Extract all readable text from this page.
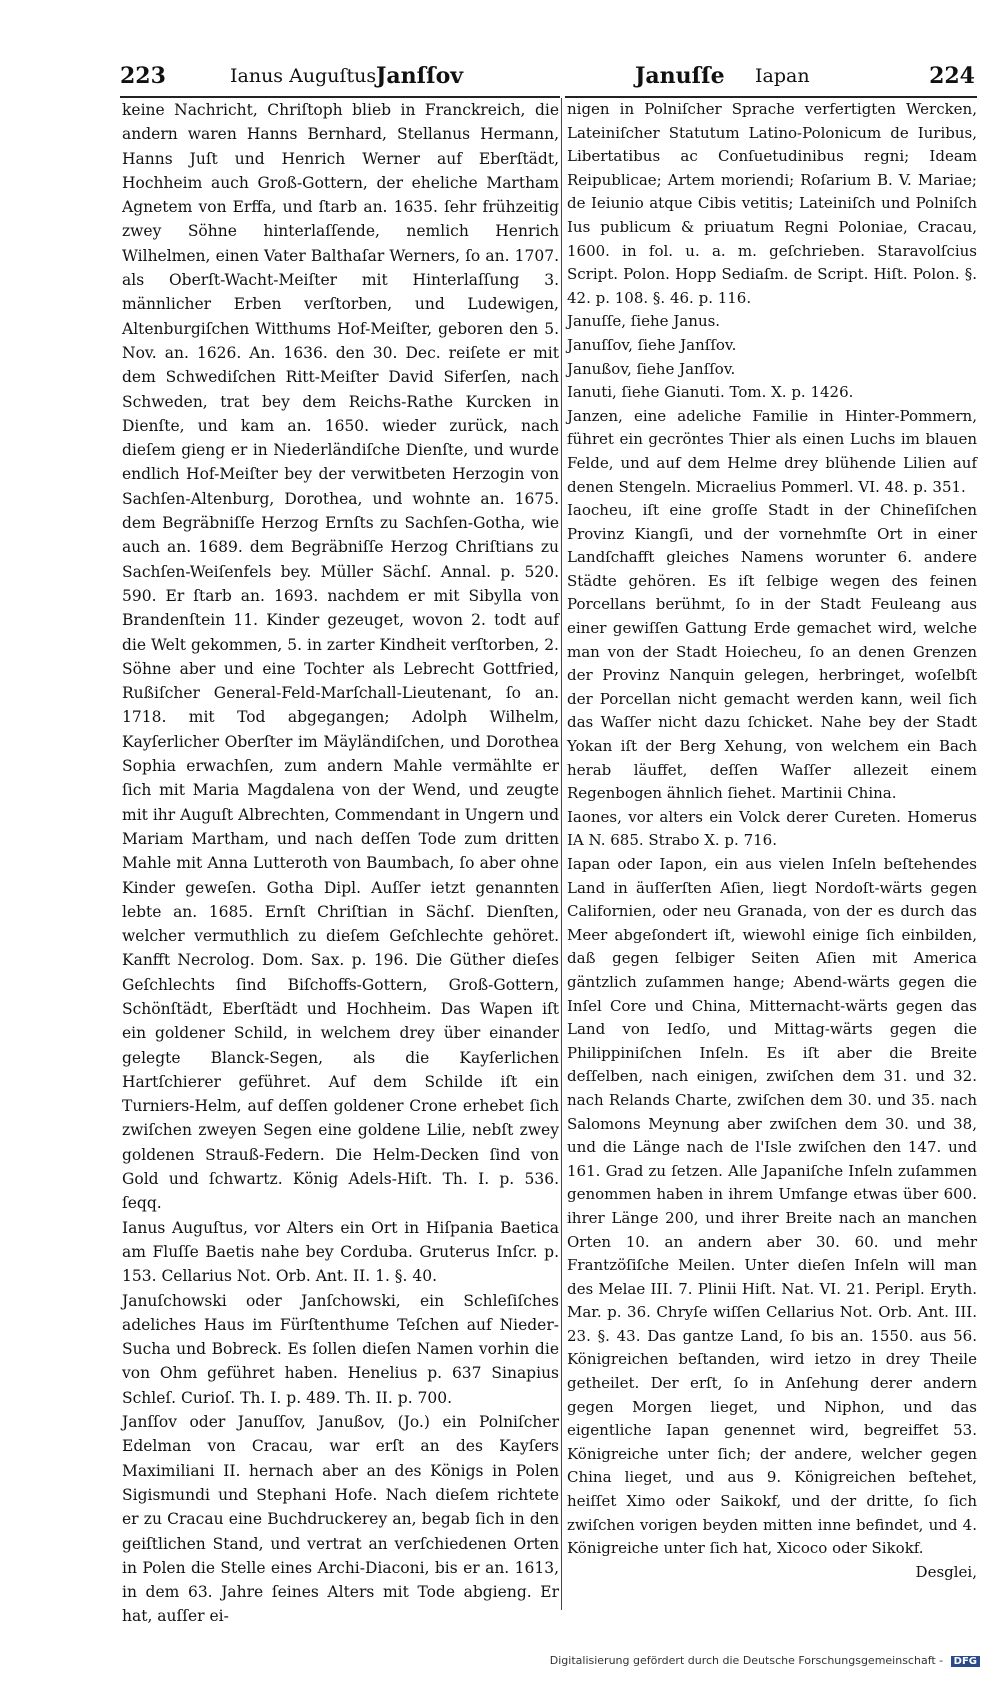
223	Ianus Auguſtus Janſſov	Januſſe Iapan	224

keine Nachricht, Chriſtoph blieb in Franckreich, die andern waren Hanns Bernhard, Stellanus Hermann, Hanns Juſt und Henrich Werner auf Eberſtädt, Hochheim auch Groß-Gottern, der eheliche Martham Agnetem von Erffa, und ſtarb an. 1635. ſehr frühzeitig zwey Söhne hinterlaſſende, nemlich Henrich Wilhelmen, einen Vater Balthaſar Werners, ſo an. 1707. als Oberſt-Wacht-Meiſter mit Hinterlaſſung 3. männlicher Erben verſtorben, und Ludewigen, Altenburgiſchen Witthums Hof-Meiſter, geboren den 5. Nov. an. 1626. An. 1636. den 30. Dec. reiſete er mit dem Schwediſchen Ritt-Meiſter David Siferſen, nach Schweden, trat bey dem Reichs-Rathe Kurcken in Dienſte, und kam an. 1650. wieder zurück, nach dieſem gieng er in Niederländiſche Dienſte, und wurde endlich Hof-Meiſter bey der verwitbeten Herzogin von Sachſen-Altenburg, Dorothea, und wohnte an. 1675. dem Begräbniſſe Herzog Ernſts zu Sachſen-Gotha, wie auch an. 1689. dem Begräbniſſe Herzog Chriſtians zu Sachſen-Weiſenfels bey. Müller Sächſ. Annal. p. 520. 590. Er ſtarb an. 1693. nachdem er mit Sibylla von Brandenſtein 11. Kinder gezeuget, wovon 2. todt auf die Welt gekommen, 5. in zarter Kindheit verſtorben, 2. Söhne aber und eine Tochter als Lebrecht Gottfried, Rußiſcher General-Feld-Marſchall-Lieutenant, ſo an. 1718. mit Tod abgegangen; Adolph Wilhelm, Kayſerlicher Oberſter im Mäyländiſchen, und Dorothea Sophia erwachſen, zum andern Mahle vermählte er ſich mit Maria Magdalena von der Wend, und zeugte mit ihr Auguſt Albrechten, Commendant in Ungern und Mariam Martham, und nach deſſen Tode zum dritten Mahle mit Anna Lutteroth von Baumbach, ſo aber ohne Kinder geweſen. Gotha Dipl. Auſſer ietzt genannten lebte an. 1685. Ernſt Chriſtian in Sächſ. Dienſten, welcher vermuthlich zu dieſem Geſchlechte gehöret. Kanfft Necrolog. Dom. Sax. p. 196. Die Güther dieſes Geſchlechts ſind Biſchoffs-Gottern, Groß-Gottern, Schönſtädt, Eberſtädt und Hochheim. Das Wapen iſt ein goldener Schild, in welchem drey über einander gelegte Blanck-Segen, als die Kayſerlichen Hartſchierer geführet. Auf dem Schilde iſt ein Turniers-Helm, auf deſſen goldener Crone erhebet ſich zwiſchen zweyen Segen eine goldene Lilie, nebſt zwey goldenen Strauß-Federn. Die Helm-Decken ſind von Gold und ſchwartz. König Adels-Hiſt. Th. I. p. 536. ſeqq.

Ianus Auguſtus, vor Alters ein Ort in Hiſpania Baetica am Fluſſe Baetis nahe bey Corduba. Gruterus Inſcr. p. 153. Cellarius Not. Orb. Ant. II. 1. §. 40.

Januſchowski oder Janſchowski, ein Schleſiſches adeliches Haus im Fürſtenthume Teſchen auf Nieder-Sucha und Bobreck. Es ſollen dieſen Namen vorhin die von Ohm geführet haben. Henelius p. 637 Sinapius Schleſ. Curioſ. Th. I. p. 489. Th. II. p. 700.

Janſſov oder Januſſov, Janußov, (Jo.) ein Polniſcher Edelman von Cracau, war erſt an des Kayſers Maximiliani II. hernach aber an des Königs in Polen Sigismundi und Stephani Hofe. Nach dieſem richtete er zu Cracau eine Buchdruckerey an, begab ſich in den geiſtlichen Stand, und vertrat an verſchiedenen Orten in Polen die Stelle eines Archi-Diaconi, bis er an. 1613, in dem 63. Jahre ſeines Alters mit Tode abgieng. Er hat, auſſer ei-

nigen in Polniſcher Sprache verfertigten Wercken, Lateiniſcher Statutum Latino-Polonicum de Iuribus, Libertatibus ac Conſuetudinibus regni; Ideam Reipublicae; Artem moriendi; Roſarium B. V. Mariae; de Ieiunio atque Cibis vetitis; Lateiniſch und Polniſch Ius publicum & priuatum Regni Poloniae, Cracau, 1600. in fol. u. a. m. geſchrieben. Staravolſcius Script. Polon. Hopp Sediaſm. de Script. Hiſt. Polon. §. 42. p. 108. §. 46. p. 116.

Januſſe, ſiehe Janus.

Januſſov, ſiehe Janſſov.

Janußov, ſiehe Janſſov.

Ianuti, ſiehe Gianuti. Tom. X. p. 1426.

Janzen, eine adeliche Familie in Hinter-Pommern, führet ein gecröntes Thier als einen Luchs im blauen Felde, und auf dem Helme drey blühende Lilien auf denen Stengeln. Micraelius Pommerl. VI. 48. p. 351.

Iaocheu, iſt eine groſſe Stadt in der Chineſiſchen Provinz Kiangſi, und der vornehmſte Ort in einer Landſchafft gleiches Namens worunter 6. andere Städte gehören. Es iſt ſelbige wegen des feinen Porcellans berühmt, ſo in der Stadt Feuleang aus einer gewiſſen Gattung Erde gemachet wird, welche man von der Stadt Hoiecheu, ſo an denen Grenzen der Provinz Nanquin gelegen, herbringet, woſelbſt der Porcellan nicht gemacht werden kann, weil ſich das Waſſer nicht dazu ſchicket. Nahe bey der Stadt Yokan iſt der Berg Xehung, von welchem ein Bach herab läuffet, deſſen Waſſer allezeit einem Regenbogen ähnlich ſiehet. Martinii China.

Iaones, vor alters ein Volck derer Cureten. Homerus ΙΑ N. 685. Strabo X. p. 716.

Iapan oder Iapon, ein aus vielen Inſeln beſtehendes Land in äuſſerſten Aſien, liegt Nordoſt-wärts gegen Californien, oder neu Granada, von der es durch das Meer abgeſondert iſt, wiewohl einige ſich einbilden, daß gegen ſelbiger Seiten Aſien mit America gäntzlich zuſammen hange; Abend-wärts gegen die Inſel Core und China, Mitternacht-wärts gegen das Land von Iedſo, und Mittag-wärts gegen die Philippiniſchen Inſeln. Es iſt aber die Breite deſſelben, nach einigen, zwiſchen dem 31. und 32. nach Relands Charte, zwiſchen dem 30. und 35. nach Salomons Meynung aber zwiſchen dem 30. und 38, und die Länge nach de l'Isle zwiſchen den 147. und 161. Grad zu ſetzen. Alle Japaniſche Inſeln zuſammen genommen haben in ihrem Umfange etwas über 600. ihrer Länge 200, und ihrer Breite nach an manchen Orten 10. an andern aber 30. 60. und mehr Frantzöſiſche Meilen. Unter dieſen Inſeln will man des Melae III. 7. Plinii Hiſt. Nat. VI. 21. Peripl. Eryth. Mar. p. 36. Chryſe wiſſen Cellarius Not. Orb. Ant. III. 23. §. 43. Das gantze Land, ſo bis an. 1550. aus 56. Königreichen beſtanden, wird ietzo in drey Theile getheilet. Der erſt, ſo in Anſehung derer andern gegen Morgen lieget, und Niphon, und das eigentliche Iapan genennet wird, begreiffet 53. Königreiche unter ſich; der andere, welcher gegen China lieget, und aus 9. Königreichen beſtehet, heiſſet Ximo oder Saikokf, und der dritte, ſo ſich zwiſchen vorigen beyden mitten inne befindet, und 4. Königreiche unter ſich hat, Xicoco oder Sikokf.

Desglei,

Digitalisierung gefördert durch die Deutsche Forschungsgemeinschaft - DFG
